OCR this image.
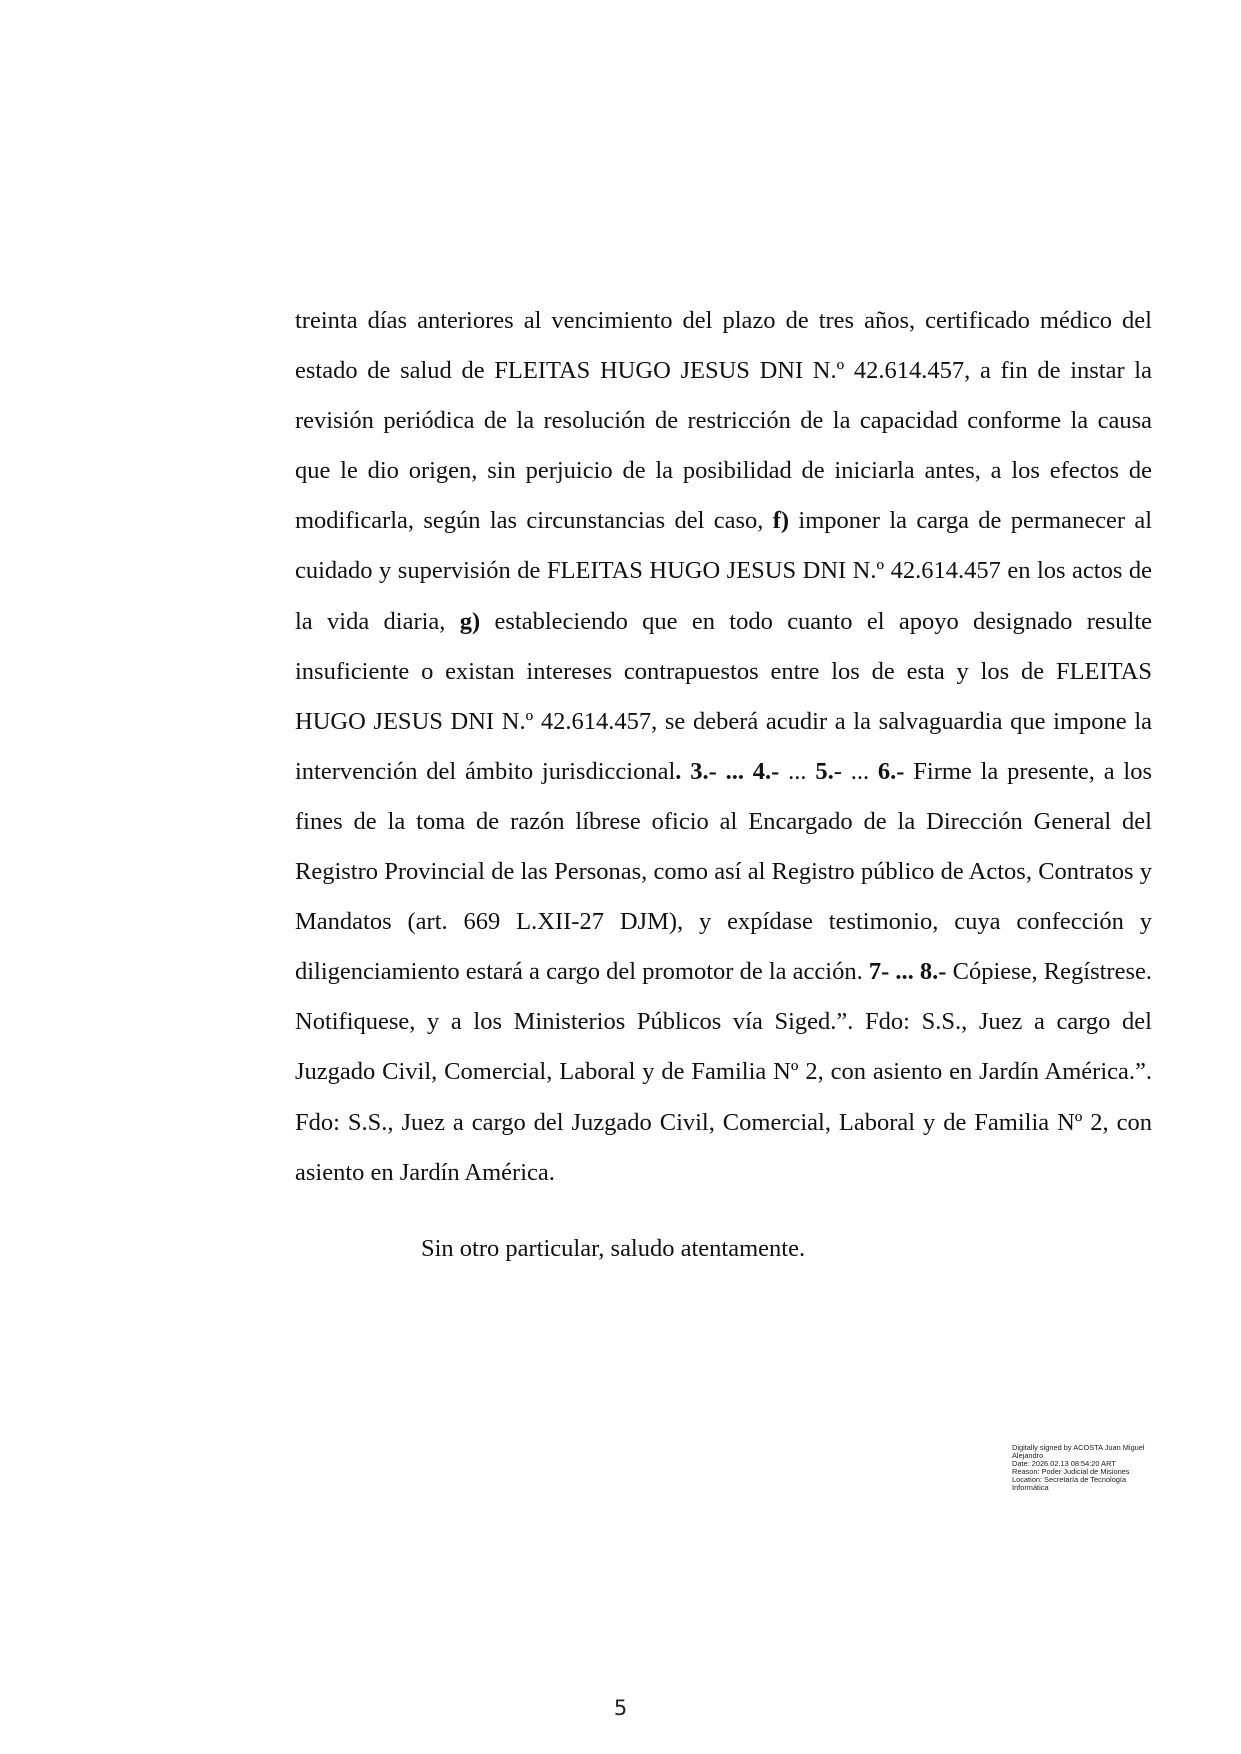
treinta días anteriores al vencimiento del plazo de tres años, certificado médico del estado de salud de FLEITAS HUGO JESUS DNI N.º 42.614.457, a fin de instar la revisión periódica de la resolución de restricción de la capacidad conforme la causa que le dio origen, sin perjuicio de la posibilidad de iniciarla antes, a los efectos de modificarla, según las circunstancias del caso, f) imponer la carga de permanecer al cuidado y supervisión de FLEITAS HUGO JESUS DNI N.º 42.614.457 en los actos de la vida diaria, g) estableciendo que en todo cuanto el apoyo designado resulte insuficiente o existan intereses contrapuestos entre los de esta y los de FLEITAS HUGO JESUS DNI N.º 42.614.457, se deberá acudir a la salvaguardia que impone la intervención del ámbito jurisdiccional. 3.- ... 4.- ... 5.- ... 6.- Firme la presente, a los fines de la toma de razón líbrese oficio al Encargado de la Dirección General del Registro Provincial de las Personas, como así al Registro público de Actos, Contratos y Mandatos (art. 669 L.XII-27 DJM), y expídase testimonio, cuya confección y diligenciamiento estará a cargo del promotor de la acción. 7- ... 8.- Cópiese, Regístrese. Notifiquese, y a los Ministerios Públicos vía Siged.”. Fdo: S.S., Juez a cargo del Juzgado Civil, Comercial, Laboral y de Familia Nº 2, con asiento en Jardín América.”. Fdo: S.S., Juez a cargo del Juzgado Civil, Comercial, Laboral y de Familia Nº 2, con asiento en Jardín América.

Sin otro particular, saludo atentamente.
Digitally signed by ACOSTA Juan Miguel
Alejandro
Date: 2026.02.13 08:54:20 ART
Reason: Poder Judicial de Misiones
Location: Secretaría de Tecnología
Informática
5
